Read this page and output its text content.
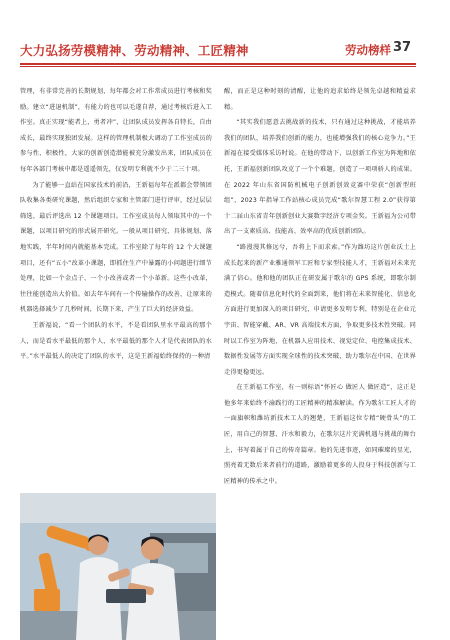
大力弘扬劳模精神、劳动精神、工匠精神	劳动榜样 37

管理，有非常完善的长期规划，每年都会对工作常成员进行考核和奖励。建立“进退机制”，有能力的也可以毛遂自荐，通过考核后进入工作室。真正实现“能者上，勇者冲”，让团队成员发挥各自特长，自由成长，最终实现独团发展。这样的管理机制极大调动了工作室成员的参与性、积极性，大家的创新创造潜能被充分激发出来，团队成员在每年各部门考核中都是遥遥领先，仅发明专利就不少于二三十项。

为了能够一直站在国家技术的前沿，王新福每年在派都会带领团队收集各类研究课题，然后组织专家和主管部门进行评审，经过层层筛选，最后评选出 12 个课题项目。工作室成员每人领取其中的一个课题，以项目研究的形式展开研究。一般从项目研究、具体规划、落地实践，半年时间内就能基本完成。工作室除了每年的 12 个大课题项目，还有“五小”改革小课题，即抓住生产中暴露的小问题进行细节处理，比如一个金点子、一个小改善或者一个小革新。这些小改革，往往能创造出大价值。如去年车间有一个传输操作的改善，让原来的机器选择减少了几秒时间，长期下来，产生了巨大的经济效益。

王新福说，“看一个团队的水平，不是看团队里水平最高的那个人，而是看水平最低的那个人，水平最低的那个人才是代表团队的水平。”水平最低人的决定了团队的水平，这是王新福始终保持的一种清

醒，而正是这种时刻的清醒，让他的追求始终是领先卓越和精益求精。

“其实我们愿意去挑战新的技术，只有通过这种挑战，才能培养我们的团队，培养我们创新的能力，也能增强我们的核心竞争力。”王新福在接受媒体采访时说。在他的带动下，以创新工作室为阵地和依托，王新福创新团队攻克了一个个难题，创造了一项项骄人的成果。在 2022 年山东省国防机械电子创新创效竞赛中荣获“创新型班组”，2023 年指导工作站核心成员完成“歌尔智慧工程 2.0”获得第十二届山东省青年创新创业大赛数字经济专项金奖。王新福为公司带出了一支素质高、技能高、效率高的优质创新团队。

“路漫漫其修远兮，吾将上下而求索。”作为潍坊这片创业沃土上成长起来的新产业雅通领军工匠和专家型技能人才，王新福对未来充满了信心。他和他的团队正在研发属于歌尔的 GPS 系统，即歌尔制造模式。随着信息化时代的全面到来，他们将在未来智能化、信息化方面进行更加深入的项目研究，申请更多发明专利，特别是在企业元宇宙、智能穿戴、AR、VR 高端技术方面，争取更多技术性突破。同时以工作室为阵地，在机器人应用技术、视觉定位、电控集成技术、数据性发展等方面实现全球性的技术突破，助力歌尔在中国、在世界走得更稳更远。

在王新福工作室，有一则标语“怀匠心 做匠人 做匠造”，这正是他多年来始终不渝践行的工匠精神的精准解读。作为歌尔工匠人才的一面旗帜和潍坊新技术工人的翘楚，王新福这位专精“硬骨头”的工匠，用自己的智慧、汗水和毅力，在歌尔这片充满机遇与挑战的舞台上，书写着属于自己的传奇篇章。他的先进事迹，如同璀璨的星光，照亮着无数后来者前行的道路，激励着更多的人投身于科技创新与工匠精神的传承之中。
